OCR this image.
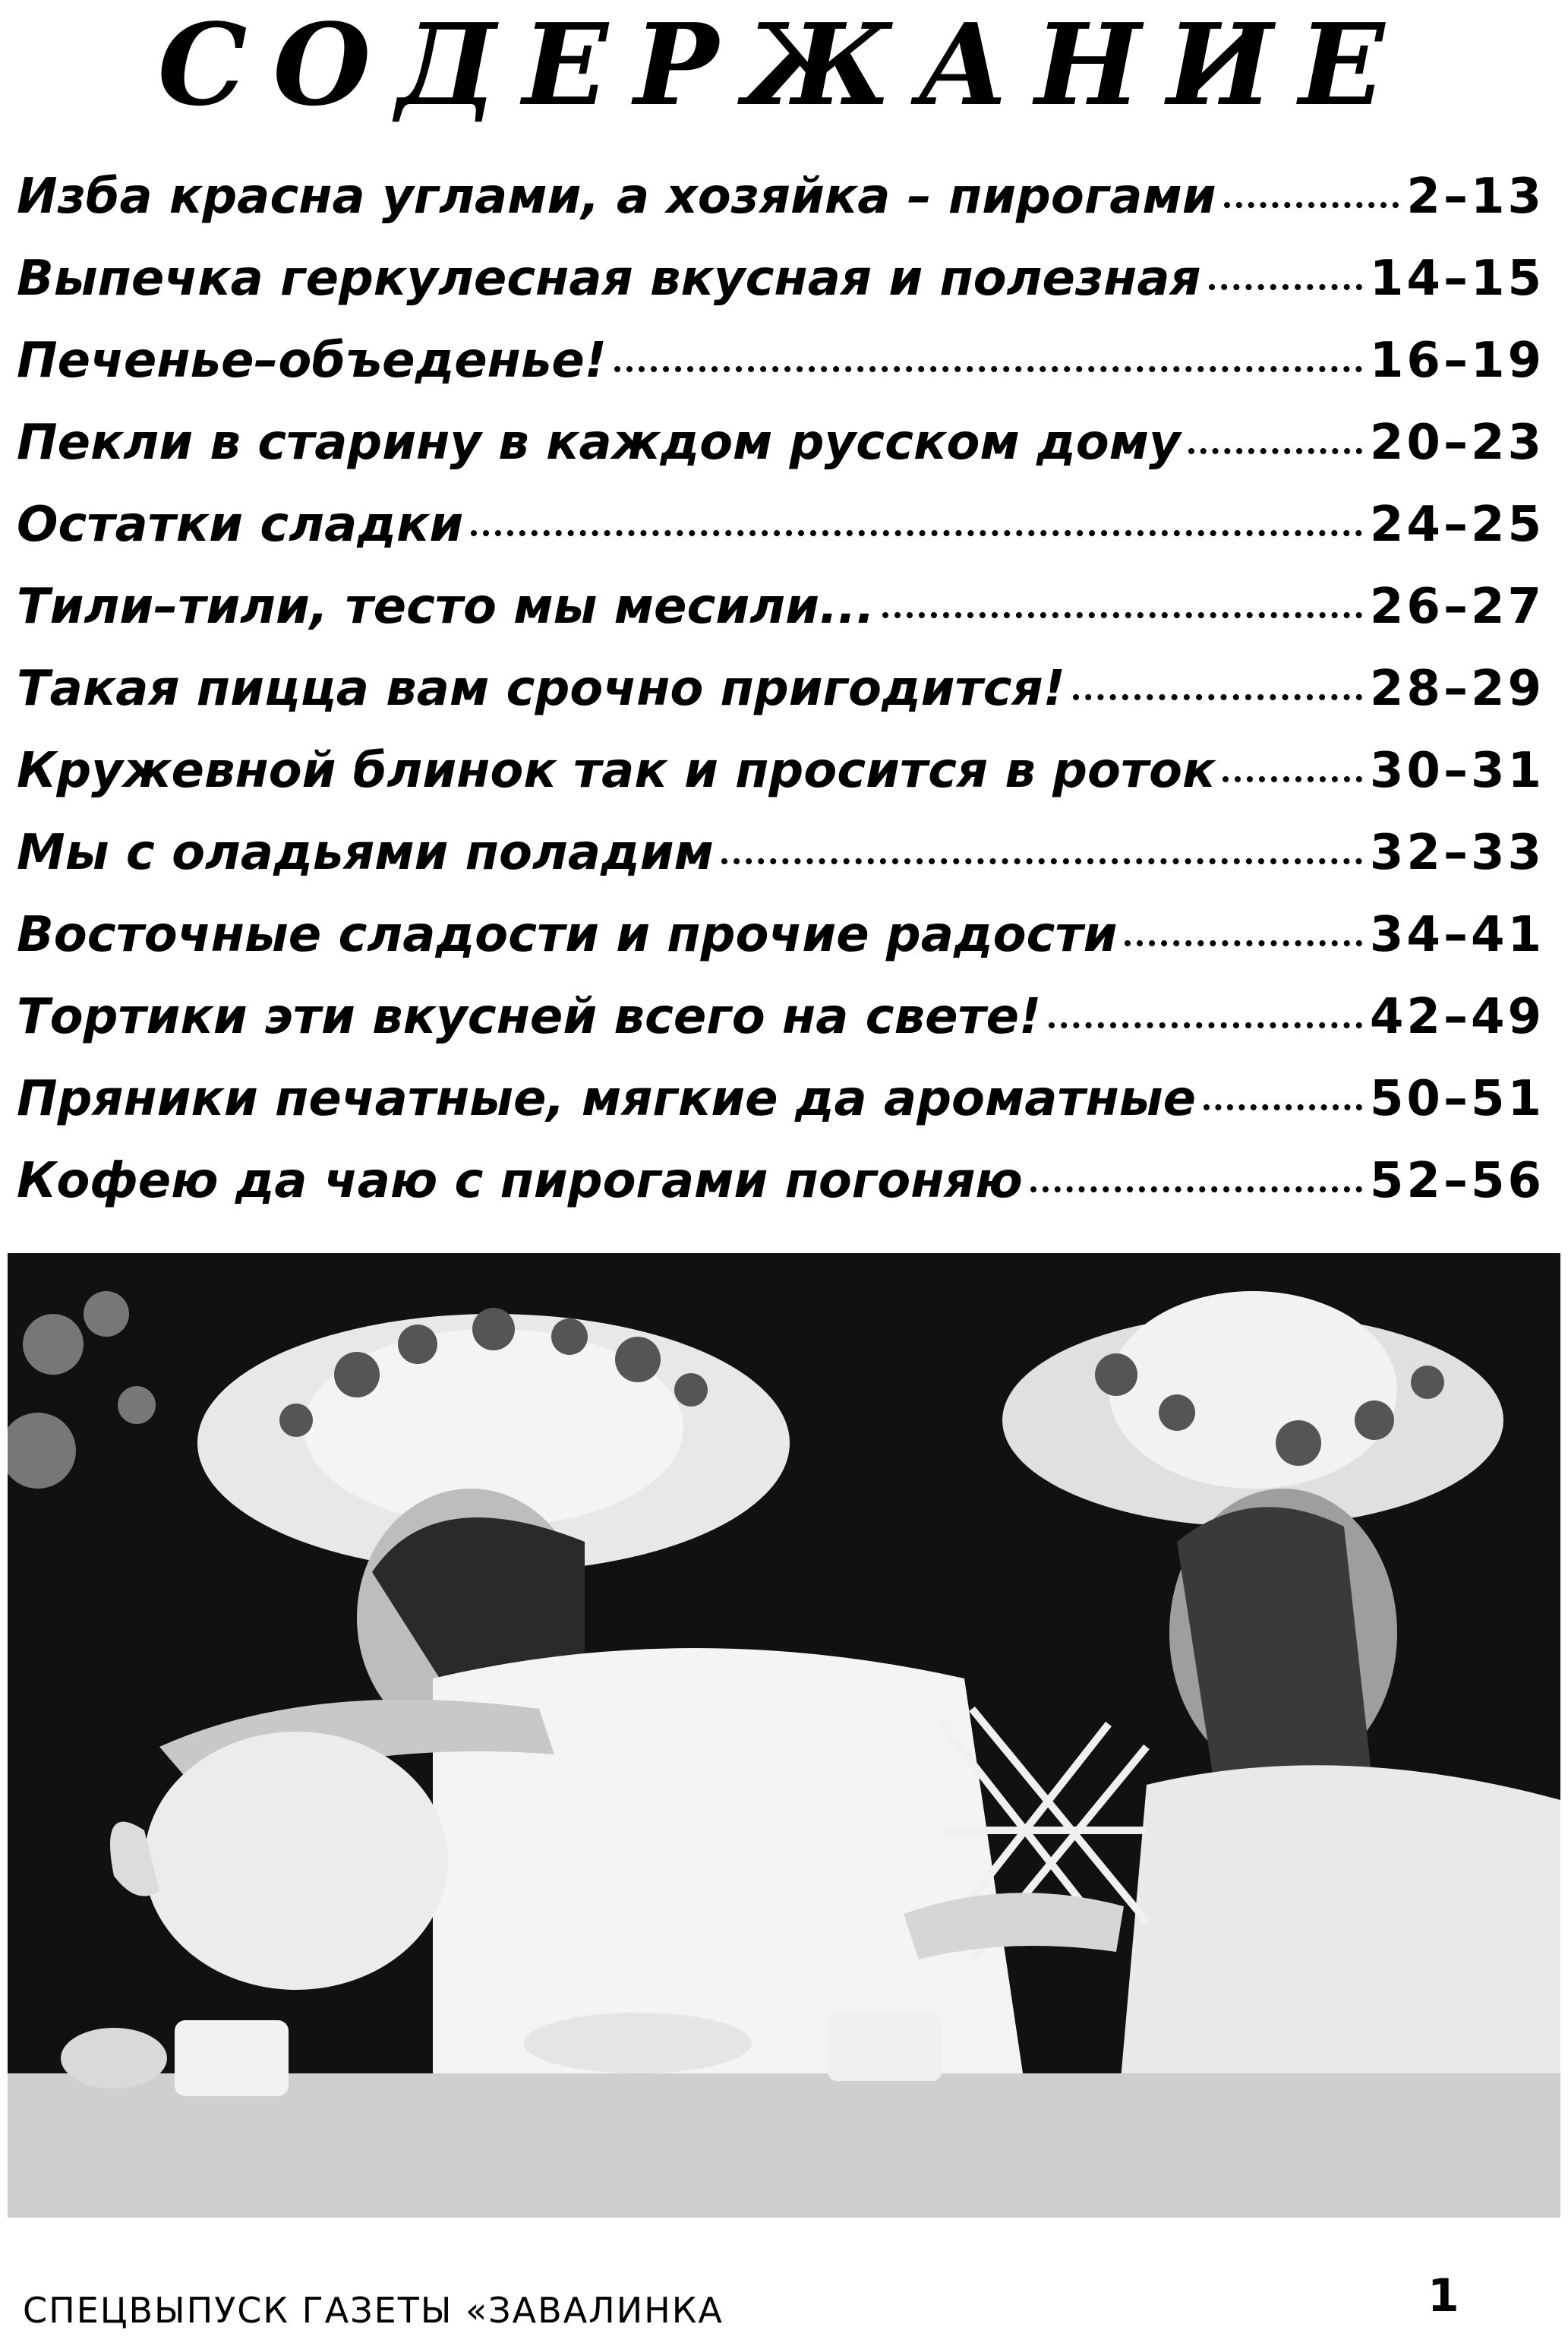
СОДЕРЖАНИЕ
Изба красна углами, а хозяйка – пирогами	2–13
Выпечка геркулесная вкусная и полезная	14–15
Печенье–объеденье!	16–19
Пекли в старину в каждом русском дому	20–23
Остатки сладки	24–25
Тили–тили, тесто мы месили...	26–27
Такая пицца вам срочно пригодится!	28–29
Кружевной блинок так и просится в роток	30–31
Мы с оладьями поладим	32–33
Восточные сладости и прочие радости	34–41
Тортики эти вкусней всего на свете!	42–49
Пряники печатные, мягкие да ароматные	50–51
Кофею да чаю с пирогами погоняю	52–56
СПЕЦВЫПУСК ГАЗЕТЫ «ЗАВАЛИНКА	1
